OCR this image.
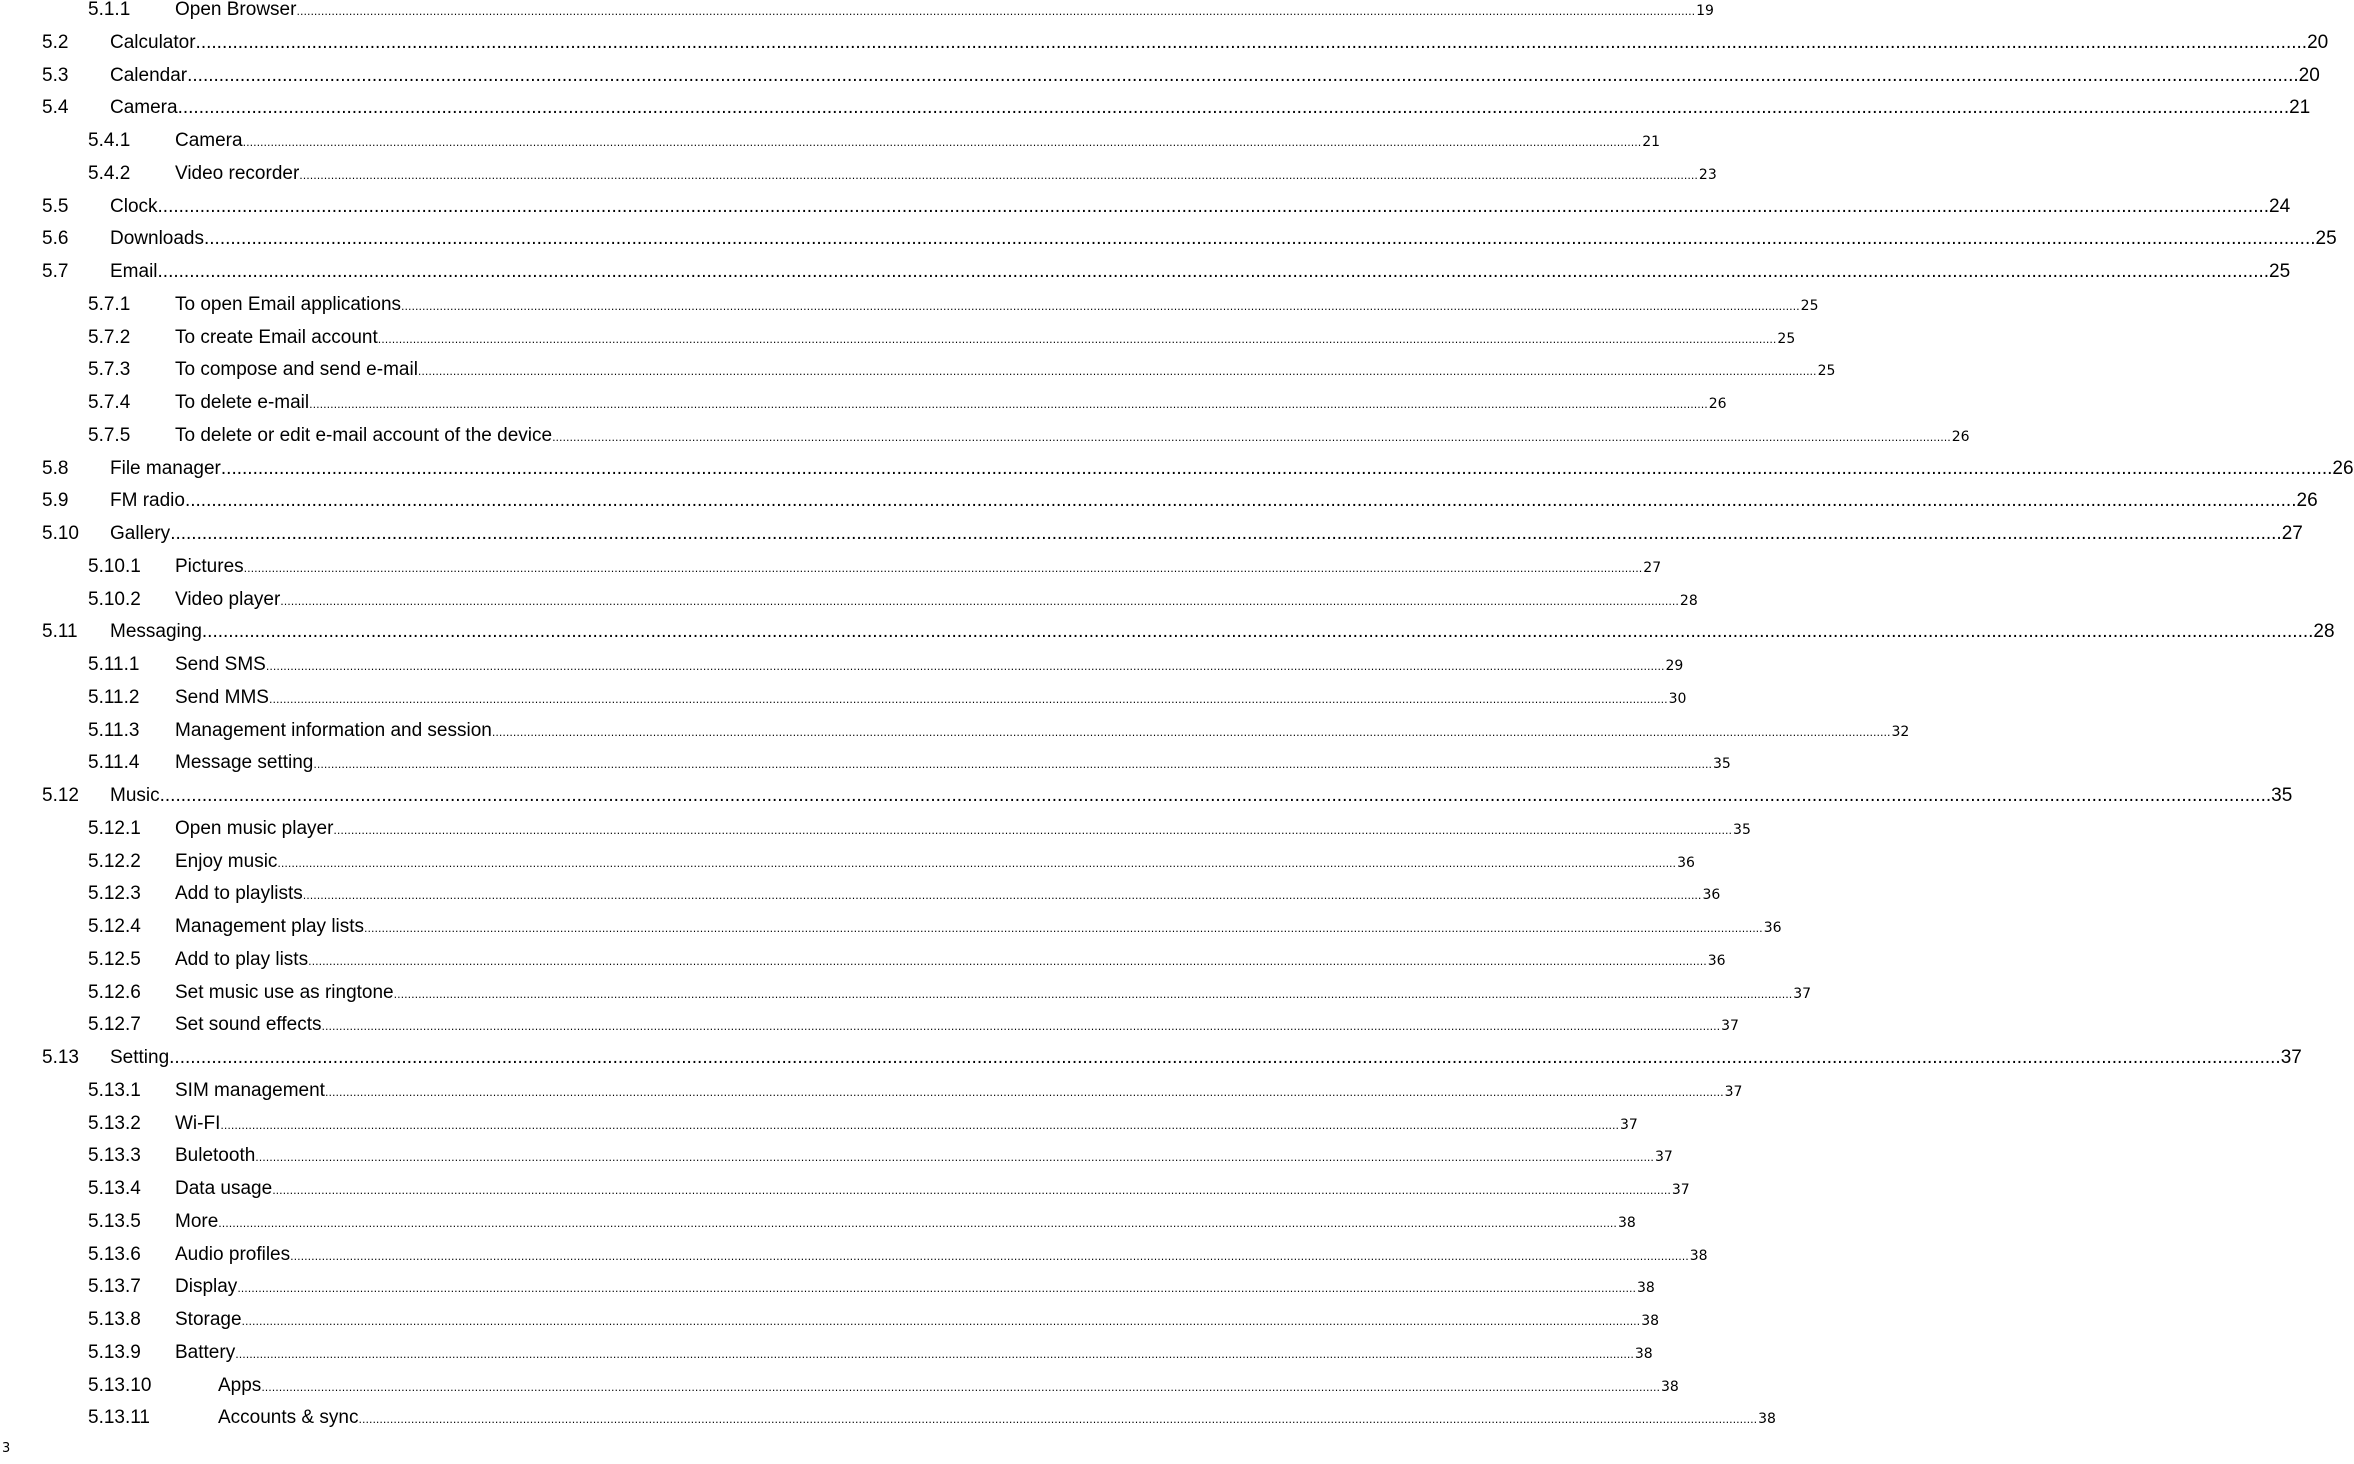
5.1.1 Open Browser ................................................................................................................................................................................................................................................................................................................................................................................................................ 19
5.2 Calculator ................................................................................................................................................................................................................................................................................................................................................................................................................ 20
5.3 Calendar ................................................................................................................................................................................................................................................................................................................................................................................................................ 20
5.4 Camera ................................................................................................................................................................................................................................................................................................................................................................................................................ 21
5.4.1 Camera ................................................................................................................................................................................................................................................................................................................................................................................................................ 21
5.4.2 Video recorder ................................................................................................................................................................................................................................................................................................................................................................................................................ 23
5.5 Clock ................................................................................................................................................................................................................................................................................................................................................................................................................ 24
5.6 Downloads ................................................................................................................................................................................................................................................................................................................................................................................................................ 25
5.7 Email ................................................................................................................................................................................................................................................................................................................................................................................................................ 25
5.7.1 To open Email applications ................................................................................................................................................................................................................................................................................................................................................................................................................ 25
5.7.2 To create Email account ................................................................................................................................................................................................................................................................................................................................................................................................................ 25
5.7.3 To compose and send e-mail ................................................................................................................................................................................................................................................................................................................................................................................................................ 25
5.7.4 To delete e-mail ................................................................................................................................................................................................................................................................................................................................................................................................................ 26
5.7.5 To delete or edit e-mail account of the device ................................................................................................................................................................................................................................................................................................................................................................................................................ 26
5.8 File manager ................................................................................................................................................................................................................................................................................................................................................................................................................ 26
5.9 FM radio ................................................................................................................................................................................................................................................................................................................................................................................................................ 26
5.10 Gallery ................................................................................................................................................................................................................................................................................................................................................................................................................ 27
5.10.1 Pictures ................................................................................................................................................................................................................................................................................................................................................................................................................ 27
5.10.2 Video player ................................................................................................................................................................................................................................................................................................................................................................................................................ 28
5.11 Messaging ................................................................................................................................................................................................................................................................................................................................................................................................................ 28
5.11.1 Send SMS ................................................................................................................................................................................................................................................................................................................................................................................................................ 29
5.11.2 Send MMS ................................................................................................................................................................................................................................................................................................................................................................................................................ 30
5.11.3 Management information and session ................................................................................................................................................................................................................................................................................................................................................................................................................ 32
5.11.4 Message setting ................................................................................................................................................................................................................................................................................................................................................................................................................ 35
5.12 Music ................................................................................................................................................................................................................................................................................................................................................................................................................ 35
5.12.1 Open music player ................................................................................................................................................................................................................................................................................................................................................................................................................ 35
5.12.2 Enjoy music ................................................................................................................................................................................................................................................................................................................................................................................................................ 36
5.12.3 Add to playlists ................................................................................................................................................................................................................................................................................................................................................................................................................ 36
5.12.4 Management play lists ................................................................................................................................................................................................................................................................................................................................................................................................................ 36
5.12.5 Add to play lists ................................................................................................................................................................................................................................................................................................................................................................................................................ 36
5.12.6 Set music use as ringtone ................................................................................................................................................................................................................................................................................................................................................................................................................ 37
5.12.7 Set sound effects ................................................................................................................................................................................................................................................................................................................................................................................................................ 37
5.13 Setting ................................................................................................................................................................................................................................................................................................................................................................................................................ 37
5.13.1 SIM management ................................................................................................................................................................................................................................................................................................................................................................................................................ 37
5.13.2 Wi-FI ................................................................................................................................................................................................................................................................................................................................................................................................................ 37
5.13.3 Buletooth ................................................................................................................................................................................................................................................................................................................................................................................................................ 37
5.13.4 Data usage ................................................................................................................................................................................................................................................................................................................................................................................................................ 37
5.13.5 More ................................................................................................................................................................................................................................................................................................................................................................................................................ 38
5.13.6 Audio profiles ................................................................................................................................................................................................................................................................................................................................................................................................................ 38
5.13.7 Display ................................................................................................................................................................................................................................................................................................................................................................................................................ 38
5.13.8 Storage ................................................................................................................................................................................................................................................................................................................................................................................................................ 38
5.13.9 Battery ................................................................................................................................................................................................................................................................................................................................................................................................................ 38
5.13.10	Apps ................................................................................................................................................................................................................................................................................................................................................................................................................ 38
5.13.11	Accounts & sync ................................................................................................................................................................................................................................................................................................................................................................................................................ 38
3
